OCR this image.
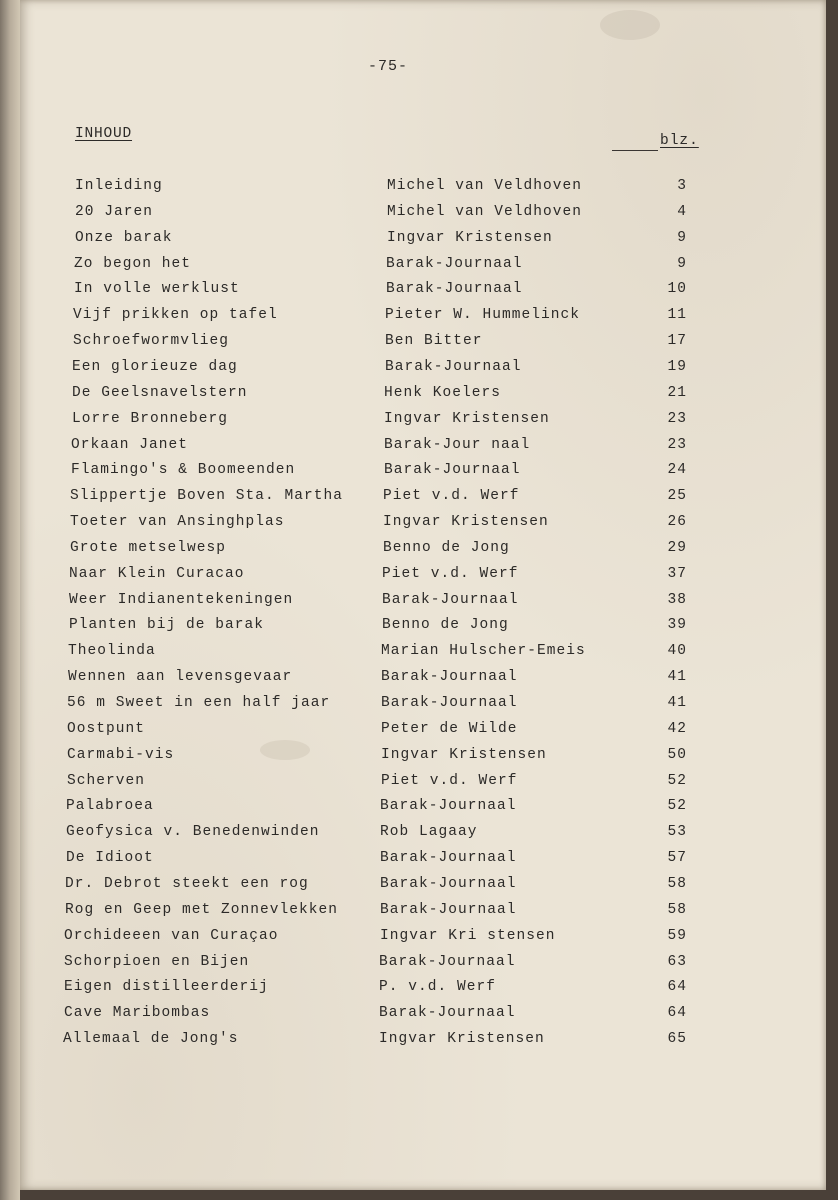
-75-
INHOUD	blz.
Inleiding	Michel van Veldhoven	3
20 Jaren	Michel van Veldhoven	4
Onze barak	Ingvar Kristensen	9
Zo begon het	Barak-Journaal	9
In volle werklust	Barak-Journaal	10
Vijf prikken op tafel	Pieter W. Hummelinck	11
Schroefwormvlieg	Ben Bitter	17
Een glorieuze dag	Barak-Journaal	19
De Geelsnavelstern	Henk Koelers	21
Lorre Bronneberg	Ingvar Kristensen	23
Orkaan Janet	Barak-Jour naal	23
Flamingo's & Boomeenden	Barak-Journaal	24
Slippertje Boven Sta. Martha	Piet v.d. Werf	25
Toeter van Ansinghplas	Ingvar Kristensen	26
Grote metselwesp	Benno de Jong	29
Naar Klein Curacao	Piet v.d. Werf	37
Weer Indianentekeningen	Barak-Journaal	38
Planten bij de barak	Benno de Jong	39
Theolinda	Marian Hulscher-Emeis	40
Wennen aan levensgevaar	Barak-Journaal	41
56 m Sweet in een half jaar	Barak-Journaal	41
Oostpunt	Peter de Wilde	42
Carmabi-vis	Ingvar Kristensen	50
Scherven	Piet v.d. Werf	52
Palabroea	Barak-Journaal	52
Geofysica v. Benedenwinden	Rob Lagaay	53
De Idioot	Barak-Journaal	57
Dr. Debrot steekt een rog	Barak-Journaal	58
Rog en Geep met Zonnevlekken	Barak-Journaal	58
Orchideeen van Curaçao	Ingvar Kri stensen	59
Schorpioen en Bijen	Barak-Journaal	63
Eigen distilleerderij	P. v.d. Werf	64
Cave Maribombas	Barak-Journaal	64
Allemaal de Jong's	Ingvar Kristensen	65
